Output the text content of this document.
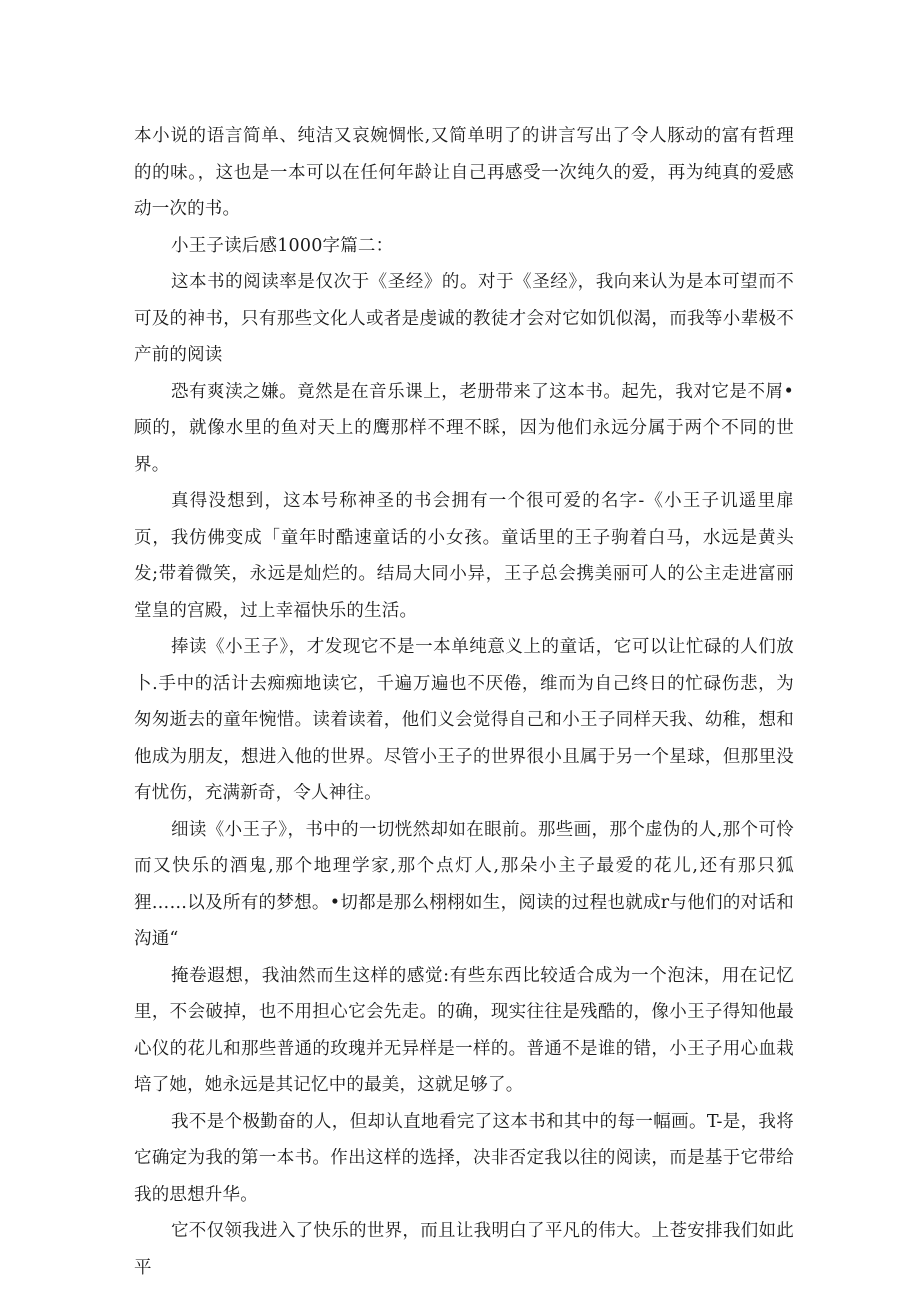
本小说的语言简单、纯洁又哀婉惆怅,又简单明了的讲言写出了令人豚动的富有哲理的的味。，这也是一本可以在任何年龄让自己再感受一次纯久的爱，再为纯真的爱感动一次的书。

小王子读后感1000字篇二：

这本书的阅读率是仅次于《圣经》的。对于《圣经》，我向来认为是本可望而不可及的神书，只有那些文化人或者是虔诚的教徒才会对它如饥似渴，而我等小辈极不产前的阅读

恐有爽渎之嫌。竟然是在音乐课上，老册带来了这本书。起先，我对它是不屑•顾的，就像水里的鱼对天上的鹰那样不理不睬，因为他们永远分属于两个不同的世界。

真得没想到，这本号称神圣的书会拥有一个很可爱的名字-《小王子讥遥里扉页，我仿佛变成「童年时酷速童话的小女孩。童话里的王子驹着白马，水远是黄头发;带着微笑，永远是灿烂的。结局大同小异，王子总会携美丽可人的公主走进富丽堂皇的宫殿，过上幸福快乐的生活。

捧读《小王子》，才发现它不是一本单纯意义上的童话，它可以让忙碌的人们放卜.手中的活计去痴痴地读它，千遍万遍也不厌倦，维而为自己终日的忙碌伤悲，为匆匆逝去的童年惋惜。读着读着，他们义会觉得自己和小王子同样天我、幼稚，想和他成为朋友，想进入他的世界。尽管小王子的世界很小且属于另一个星球，但那里没有忧伤，充满新奇，令人神往。

细读《小王子》，书中的一切恍然却如在眼前。那些画，那个虚伪的人,那个可怜而又快乐的酒鬼,那个地理学家,那个点灯人,那朵小主子最爱的花儿,还有那只狐狸……以及所有的梦想。•切都是那么栩栩如生，阅读的过程也就成r与他们的对话和沟通“

掩卷遐想，我油然而生这样的感觉:有些东西比较适合成为一个泡沫，用在记忆里，不会破掉，也不用担心它会先走。的确，现实往往是残酷的，像小王子得知他最心仪的花儿和那些普通的玫瑰并无异样是一样的。普通不是谁的错，小王子用心血栽培了她，她永远是其记忆中的最美，这就足够了。

我不是个极勤奋的人，但却认直地看完了这本书和其中的每一幅画。T-是，我将它确定为我的第一本书。作出这样的选择，决非否定我以往的阅读，而是基于它带给我的思想升华。

它不仅领我进入了快乐的世界，而且让我明白了平凡的伟大。上苍安排我们如此平
